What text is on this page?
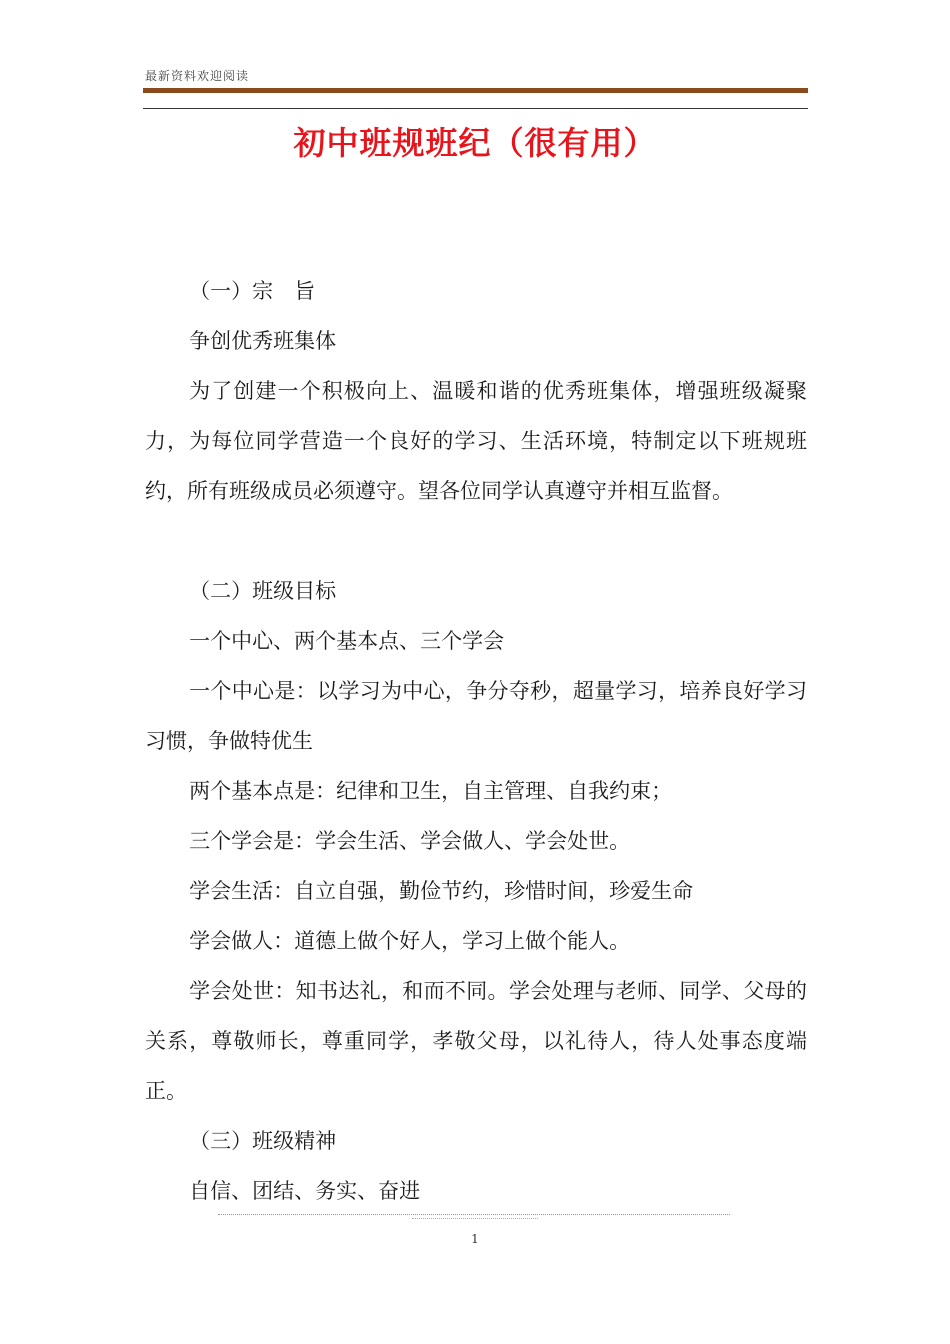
最新资料欢迎阅读
初中班规班纪（很有用）

（一）宗　旨

争创优秀班集体

为了创建一个积极向上、温暖和谐的优秀班集体，增强班级凝聚力，为每位同学营造一个良好的学习、生活环境，特制定以下班规班约，所有班级成员必须遵守。望各位同学认真遵守并相互监督。

（二）班级目标

一个中心、两个基本点、三个学会

一个中心是：以学习为中心，争分夺秒，超量学习，培养良好学习习惯，争做特优生

两个基本点是：纪律和卫生，自主管理、自我约束；

三个学会是：学会生活、学会做人、学会处世。

学会生活：自立自强，勤俭节约，珍惜时间，珍爱生命

学会做人：道德上做个好人，学习上做个能人。

学会处世：知书达礼，和而不同。学会处理与老师、同学、父母的关系，尊敬师长，尊重同学，孝敬父母，以礼待人，待人处事态度端正。

（三）班级精神

自信、团结、务实、奋进

1
